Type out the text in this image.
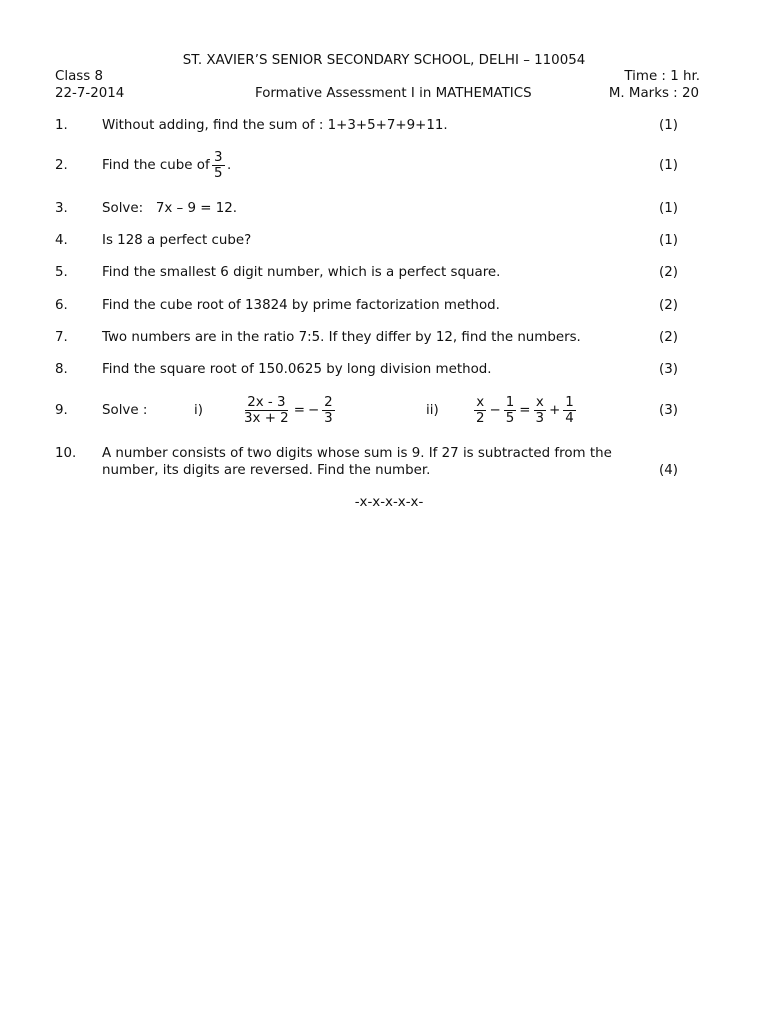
ST. XAVIER’S SENIOR SECONDARY SCHOOL, DELHI – 110054
Class 8	Time : 1 hr.
22-7-2014	Formative Assessment I in MATHEMATICS	M. Marks : 20
1.	Without adding, find the sum of : 1+3+5+7+9+11.	(1)
2.	Find the cube of $\frac{3}{5}$ .	(1)
3.	Solve:   7x – 9 = 12.	(1)
4.	Is 128 a perfect cube?	(1)
5.	Find the smallest 6 digit number, which is a perfect square.	(2)
6.	Find the cube root of 13824 by prime factorization method.	(2)
7.	Two numbers are in the ratio 7:5. If they differ by 12, find the numbers.	(2)
8.	Find the square root of 150.0625 by long division method.	(3)
9.	Solve :	i)	$\frac{2x - 3}{3x + 2}$ = − $\frac{2}{3}$	ii)	$\frac{x}{2} - \frac{1}{5} = \frac{x}{3} + \frac{1}{4}$	(3)
10. A number consists of two digits whose sum is 9. If 27 is subtracted from the
number, its digits are reversed. Find the number.	(4)
-x-x-x-x-x-
